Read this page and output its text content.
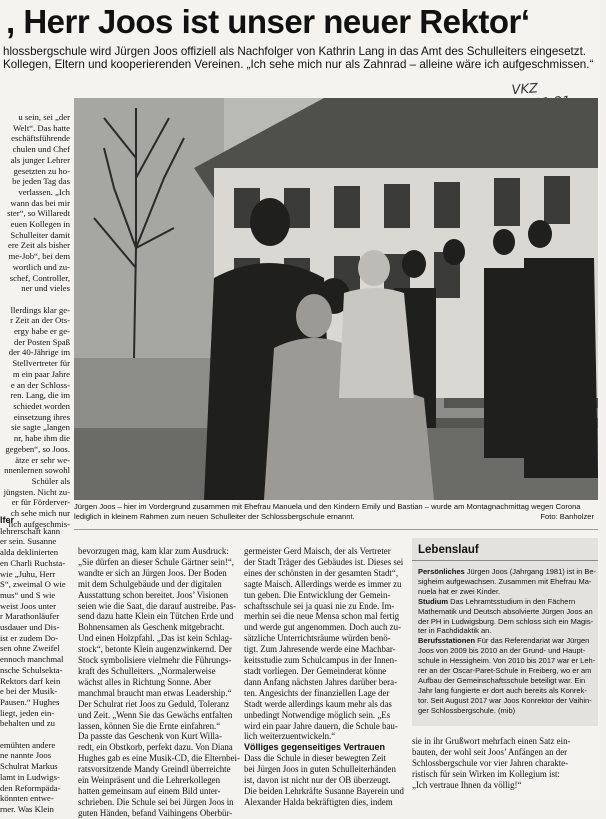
, Herr Joos ist unser neuer Rektor‘
hlossbergschule wird Jürgen Joos offiziell als Nachfolger von Kathrin Lang in das Amt des Schulleiters eingesetzt.
Kollegen, Eltern und kooperierenden Vereinen. „Ich sehe mich nur als Zahnrad – alleine wäre ich aufgeschmissen.“
VKZ
u sein, sei „der
Welt“. Das hatte
eschäftsführende
chulen und Chef
als junger Lehrer
gesetzten zu ho-
be jeden Tag das
verlassen. „Ich
wann das bei mir
ster“, so Willaredt
euen Kollegen in
Schulleiter damit
ere Zeit als bisher
me-Job“, bei dem
wortlich und zu-
schef, Controller,
ner und vieles

llerdings klar ge-
r Zeit an der Ots-
ergy habe er ge-
der Posten Spaß
der 40-Jährige im
Stellvertreter für
m ein paar Jahre
e an der Schloss-
ren. Lang, die im
schiedet worden
einsetzung ihres
sie sagte „langen
nr, habe ihm die
gegeben“, so Joos.
ätze er sehr we-
nnenlernen sowohl
Schüler als
jüngsten. Nicht zu-
er für Förderver-
ch sehe mich nur
lich aufgeschmis-
Jürgen Joos – hier im Vordergrund zusammen mit Ehefrau Manuela und den Kindern Emily und Bastian – wurde am Montagnachmittag wegen Corona lediglich in kleinem Rahmen zum neuen Schulleiter der Schlossbergschule ernannt.	Foto: Banholzer
lfer
lehrerschaft kann
er sein. Susanne
alda deklinierten
en Charli Ruchsta-
wie „Juhu, Herr
S“, zweimal O wie
mus“ und S wie
weist Joos unter
r Marathonläufer
usdauer und Dis-
ist er zudem Do-
sen ohne Zweifel
ennoch manchmal
nsche Schulsekta-
Rektors darf kein
e bei der Musik-
Pausen.“ Hughes
liegt, jeden ein-
behalten und zu

emühten andere
ne nannte Joos
Schulrat Markus
lamt in Ludwigs-
den Reformpäda-
könnten entwe-
rner. Was Klein
bevorzugen mag, kam klar zum Ausdruck:
„Sie dürfen an dieser Schule Gärtner sein!“,
wandte er sich an Jürgen Joos. Der Boden
mit dem Schulgebäude und der digitalen
Ausstattung schon bereitet. Joos’ Visionen
seien wie die Saat, die darauf austreibe. Pas-
send dazu hatte Klein ein Tütchen Erde und
Bohnensamen als Geschenk mitgebracht.
Und einen Holzpfahl. „Das ist kein Schlag-
stock“, betonte Klein augenzwinkernd. Der
Stock symbolisiere vielmehr die Führungs-
kraft des Schulleiters. „Normalerweise
wächst alles in Richtung Sonne. Aber
manchmal braucht man etwas Leadership.“
Der Schulrat riet Joos zu Geduld, Toleranz
und Zeit. „Wenn Sie das Gewächs entfalten
lassen, können Sie die Ernte einfahren.“
Da passte das Geschenk von Kurt Willa-
redt, ein Obstkorb, perfekt dazu. Von Diana
Hughes gab es eine Musik-CD, die Elternbei-
ratsvorsitzende Mandy Greindl überreichte
ein Weinpräsent und die Lehrerkollegen
hatten gemeinsam auf einem Bild unter-
schrieben. Die Schule sei bei Jürgen Joos in
guten Händen, befand Vaihingens Oberbür-
germeister Gerd Maisch, der als Vertreter
der Stadt Träger des Gebäudes ist. Dieses sei
eines der schönsten in der gesamten Stadt“,
sagte Maisch. Allerdings werde es immer zu
tun geben. Die Entwicklung der Gemein-
schaftsschule sei ja quasi nie zu Ende. Im-
merhin sei die neue Mensa schon mal fertig
und werde gut angenommen. Doch auch zu-
sätzliche Unterrichtsräume würden benö-
tigt. Zum Jahresende werde eine Machbar-
keitsstudie zum Schulcampus in der Innen-
stadt vorliegen. Der Gemeinderat könne
dann Anfang nächsten Jahres darüber bera-
ten. Angesichts der finanziellen Lage der
Stadt werde allerdings kaum mehr als das
unbedingt Notwendige möglich sein. „Es
wird ein paar Jahre dauern, die Schule bau-
lich weiterzuentwickeln.“
Völliges gegenseitiges Vertrauen
Dass die Schule in dieser bewegten Zeit
bei Jürgen Joos in guten Schulleiterhänden
ist, davon ist nicht nur der OB überzeugt.
Die beiden Lehrkräfte Susanne Bayerein und
Alexander Halda bekräftigten dies, indem
Lebenslauf
Persönliches Jürgen Joos (Jahrgang 1981) ist in Be-
sigheim aufgewachsen. Zusammen mit Ehefrau Ma-
nuela hat er zwei Kinder.
Studium Das Lehramtsstudium in den Fächern
Mathematik und Deutsch absolvierte Jürgen Joos an
der PH in Ludwigsburg. Dem schloss sich ein Magis-
ter in Fachdidaktik an.
Berufsstationen Für das Referendariat war Jürgen
Joos von 2009 bis 2010 an der Grund- und Haupt-
schule in Hessigheim. Von 2010 bis 2017 war er Leh-
rer an der Oscar-Paret-Schule in Freiberg, wo er am
Aufbau der Gemeinschaftsschule beteiligt war. Ein
Jahr lang fungierte er dort auch bereits als Konrek-
tor. Seit August 2017 war Joos Konrektor der Vaihin-
ger Schlossbergschule. (mib)
sie in ihr Grußwort mehrfach einen Satz ein-
bauten, der wohl seit Joos’ Anfängen an der
Schlossbergschule vor vier Jahren charakte-
ristisch für sein Wirken im Kollegium ist:
„Ich vertraue Ihnen da völlig!“
